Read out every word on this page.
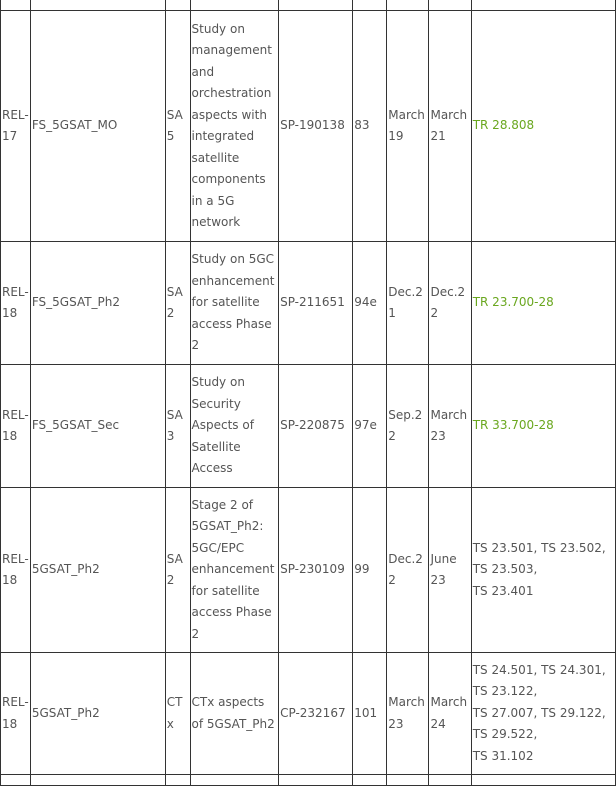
REL-17	FS_5GSAT_MO	SA5	Study on management and orchestration aspects with integrated satellite components in a 5G network	SP-190138	83	March 19	March 21	TR 28.808
REL-18	FS_5GSAT_Ph2	SA2	Study on 5GC enhancement for satellite access Phase 2	SP-211651	94e	Dec.21	Dec.22	TR 23.700-28
REL-18	FS_5GSAT_Sec	SA3	Study on Security Aspects of Satellite Access	SP-220875	97e	Sep.22	March 23	TR 33.700-28
REL-18	5GSAT_Ph2	SA2	Stage 2 of 5GSAT_Ph2: 5GC/EPC enhancement for satellite access Phase 2	SP-230109	99	Dec.22	June 23	TS 23.501, TS 23.502, TS 23.503,
TS 23.401
REL-18	5GSAT_Ph2	CTx	CTx aspects of 5GSAT_Ph2	CP-232167	101	March 23	March 24	TS 24.501, TS 24.301, TS 23.122,
TS 27.007, TS 29.122, TS 29.522,
TS 31.102
